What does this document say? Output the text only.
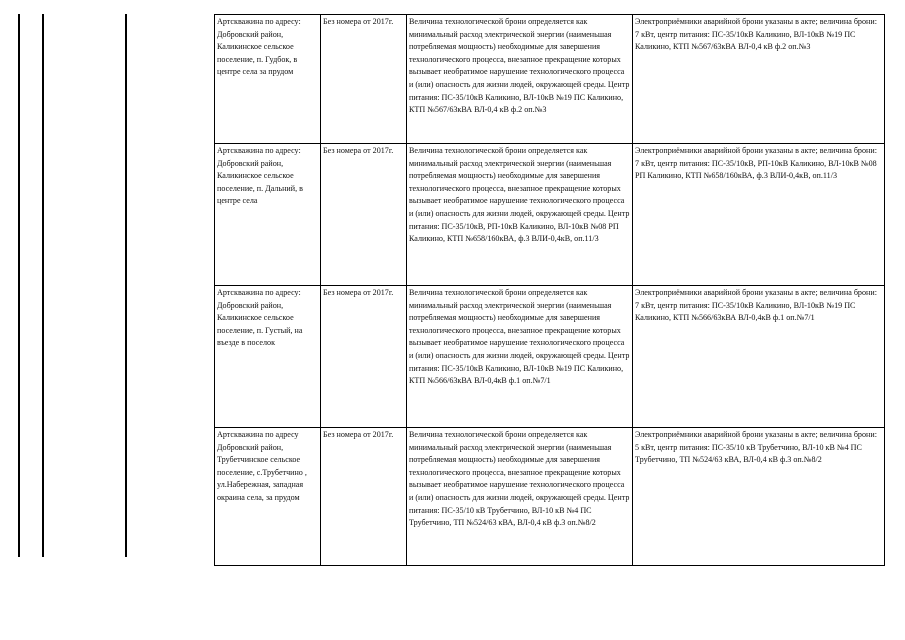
Артскважина по адресу: Добровский район, Каликинское сельское поселение, п. Гудбок, в центре села за прудом	Без номера от 2017г.	Величина технологической брони определяется как минимальный расход электрической энергии (наименьшая потребляемая мощность) необходимые для завершения технологического процесса, внезапное прекращение которых вызывает необратимое нарушение технологического процесса и (или) опасность для жизни людей, окружающей среды. Центр питания: ПС-35/10кВ Каликино, ВЛ-10кВ №19 ПС Каликино, КТП №567/63кВА ВЛ-0,4 кВ ф.2 оп.№3	Электроприёмники аварийной брони указаны в акте; величина брони: 7 кВт, центр питания: ПС-35/10кВ Каликино, ВЛ-10кВ №19 ПС Каликино, КТП №567/63кВА ВЛ-0,4 кВ ф.2 оп.№3
Артскважина по адресу: Добровский район, Каликинское сельское поселение, п. Дальний, в центре села	Без номера от 2017г.	Величина технологической брони определяется как минимальный расход электрической энергии (наименьшая потребляемая мощность) необходимые для завершения технологического процесса, внезапное прекращение которых вызывает необратимое нарушение технологического процесса и (или) опасность для жизни людей, окружающей среды. Центр питания: ПС-35/10кВ, РП-10кВ Каликино, ВЛ-10кВ №08 РП Каликино, КТП №658/160кВА, ф.3 ВЛИ-0,4кВ, оп.11/3	Электроприёмники аварийной брони указаны в акте; величина брони: 7 кВт, центр питания: ПС-35/10кВ, РП-10кВ Каликино, ВЛ-10кВ №08 РП Каликино, КТП №658/160кВА, ф.3 ВЛИ-0,4кВ, оп.11/3
Артскважина по адресу: Добровский район, Каликинское сельское поселение, п. Густый, на въезде в поселок	Без номера от 2017г.	Величина технологической брони определяется как минимальный расход электрической энергии (наименьшая потребляемая мощность) необходимые для завершения технологического процесса, внезапное прекращение которых вызывает необратимое нарушение технологического процесса и (или) опасность для жизни людей, окружающей среды. Центр питания: ПС-35/10кВ Каликино, ВЛ-10кВ №19 ПС Каликино, КТП №566/63кВА ВЛ-0,4кВ ф.1 оп.№7/1	Электроприёмники аварийной брони указаны в акте; величина брони: 7 кВт, центр питания: ПС-35/10кВ Каликино, ВЛ-10кВ №19 ПС Каликино, КТП №566/63кВА ВЛ-0,4кВ ф.1 оп.№7/1
Артскважина по адресу Добровский район, Трубетчинское сельское поселение, с.Трубетчино , ул.Набережная, западная окраина села, за прудом	Без номера от 2017г.	Величина технологической брони определяется как минимальный расход электрической энергии (наименьшая потребляемая мощность) необходимые для завершения технологического процесса, внезапное прекращение которых вызывает необратимое нарушение технологического процесса и (или) опасность для жизни людей, окружающей среды. Центр питания: ПС-35/10 кВ Трубетчино, ВЛ-10 кВ №4 ПС Трубетчино, ТП №524/63 кВА, ВЛ-0,4 кВ ф.3 оп.№8/2	Электроприёмники аварийной брони указаны в акте; величина брони: 5 кВт, центр питания: ПС-35/10 кВ Трубетчино, ВЛ-10 кВ №4 ПС Трубетчино, ТП №524/63 кВА, ВЛ-0,4 кВ ф.3 оп.№8/2
